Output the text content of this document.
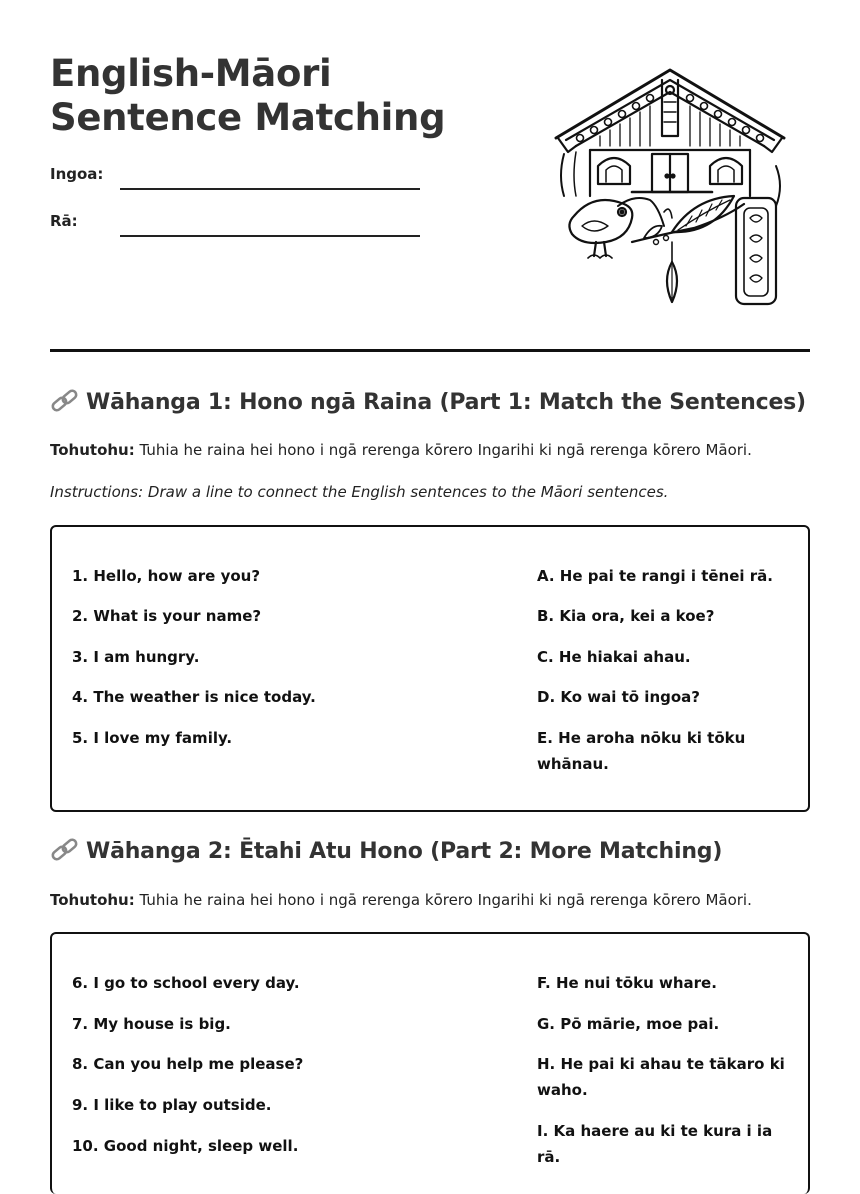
English-Māori Sentence Matching
Ingoa:
Rā:
Wāhanga 1: Hono ngā Raina (Part 1: Match the Sentences)
Tohutohu: Tuhia he raina hei hono i ngā rerenga kōrero Ingarihi ki ngā rerenga kōrero Māori.
Instructions: Draw a line to connect the English sentences to the Māori sentences.
1. Hello, how are you?
2. What is your name?
3. I am hungry.
4. The weather is nice today.
5. I love my family.
A. He pai te rangi i tēnei rā.
B. Kia ora, kei a koe?
C. He hiakai ahau.
D. Ko wai tō ingoa?
E. He aroha nōku ki tōku whānau.
Wāhanga 2: Ētahi Atu Hono (Part 2: More Matching)
Tohutohu: Tuhia he raina hei hono i ngā rerenga kōrero Ingarihi ki ngā rerenga kōrero Māori.
6. I go to school every day.
7. My house is big.
8. Can you help me please?
9. I like to play outside.
10. Good night, sleep well.
F. He nui tōku whare.
G. Pō mārie, moe pai.
H. He pai ki ahau te tākaro ki waho.
I. Ka haere au ki te kura i ia rā.
